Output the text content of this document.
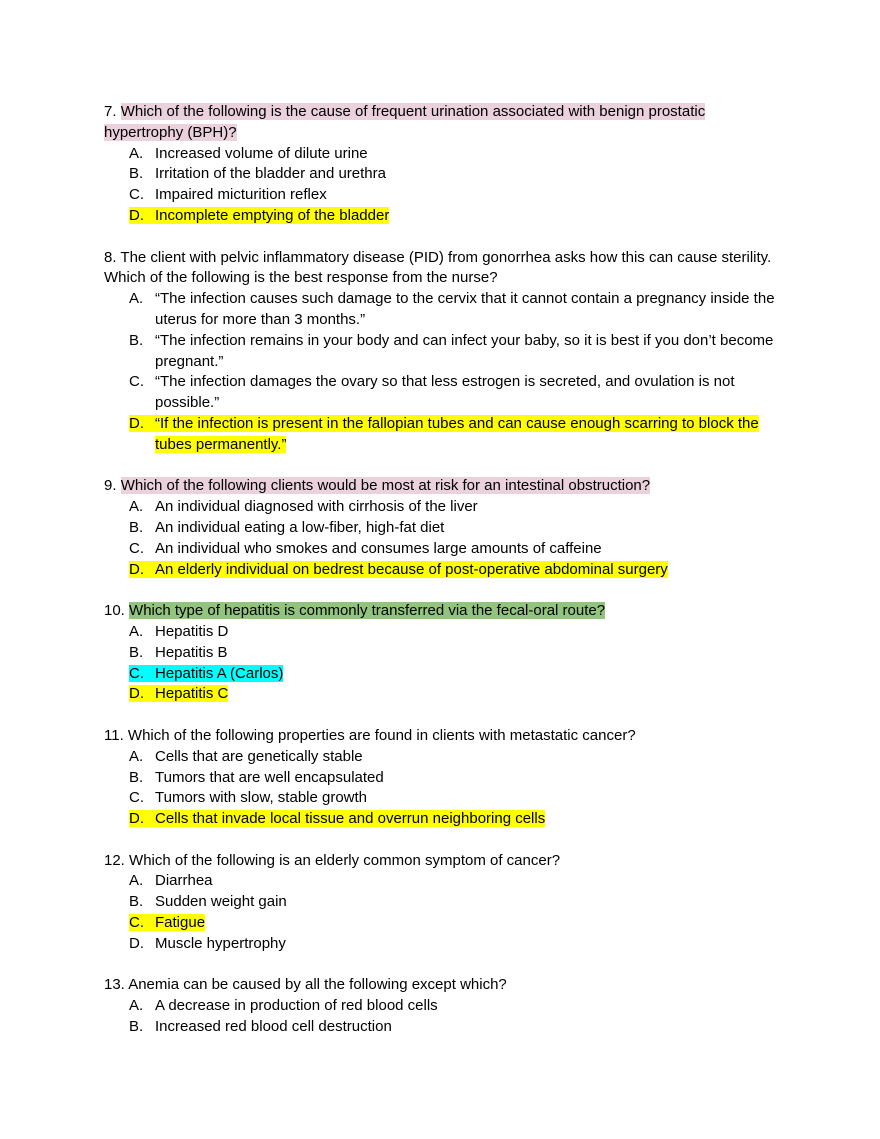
7. Which of the following is the cause of frequent urination associated with benign prostatic hypertrophy (BPH)?
A. Increased volume of dilute urine
B. Irritation of the bladder and urethra
C. Impaired micturition reflex
D. Incomplete emptying of the bladder
8. The client with pelvic inflammatory disease (PID) from gonorrhea asks how this can cause sterility. Which of the following is the best response from the nurse?
A. “The infection causes such damage to the cervix that it cannot contain a pregnancy inside the uterus for more than 3 months.”
B. “The infection remains in your body and can infect your baby, so it is best if you don’t become pregnant.”
C. “The infection damages the ovary so that less estrogen is secreted, and ovulation is not possible.”
D. “If the infection is present in the fallopian tubes and can cause enough scarring to block the tubes permanently.”
9. Which of the following clients would be most at risk for an intestinal obstruction?
A. An individual diagnosed with cirrhosis of the liver
B. An individual eating a low-fiber, high-fat diet
C. An individual who smokes and consumes large amounts of caffeine
D. An elderly individual on bedrest because of post-operative abdominal surgery
10. Which type of hepatitis is commonly transferred via the fecal-oral route?
A. Hepatitis D
B. Hepatitis B
C. Hepatitis A (Carlos)
D. Hepatitis C
11. Which of the following properties are found in clients with metastatic cancer?
A. Cells that are genetically stable
B. Tumors that are well encapsulated
C. Tumors with slow, stable growth
D. Cells that invade local tissue and overrun neighboring cells
12. Which of the following is an elderly common symptom of cancer?
A. Diarrhea
B. Sudden weight gain
C. Fatigue
D. Muscle hypertrophy
13. Anemia can be caused by all the following except which?
A. A decrease in production of red blood cells
B. Increased red blood cell destruction
